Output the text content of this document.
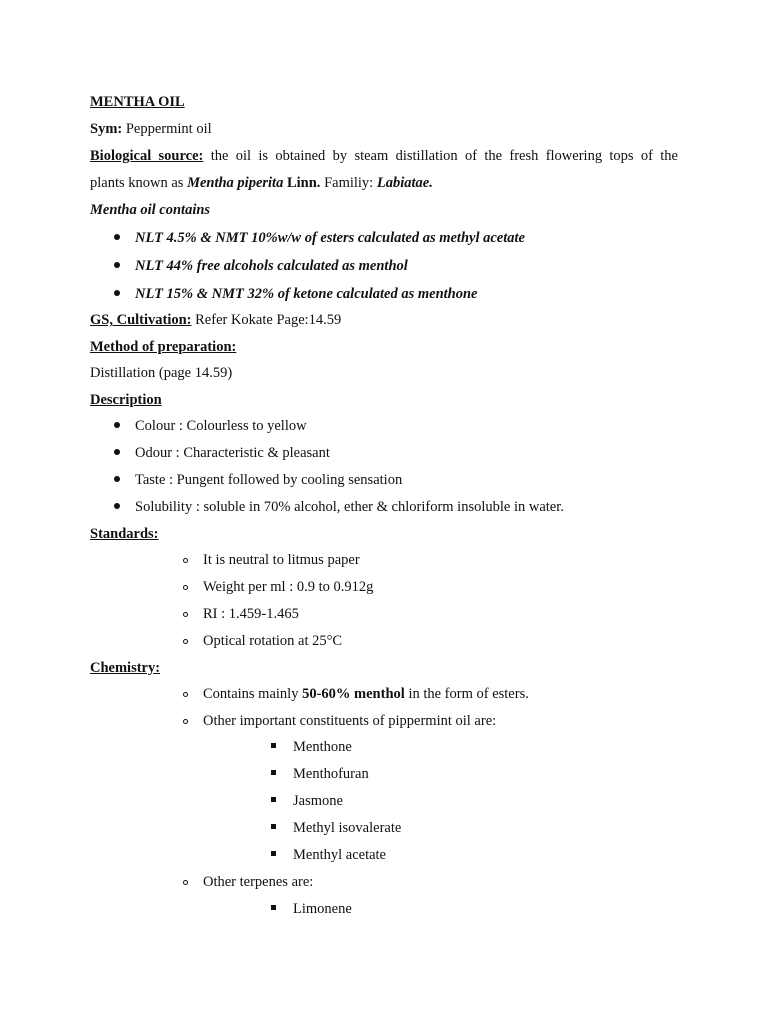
MENTHA OIL
Sym: Peppermint oil
Biological source: the oil is obtained by steam distillation of the fresh flowering tops of the
plants known as Mentha piperita Linn. Familiy: Labiatae.
Mentha oil contains
NLT 4.5% & NMT 10%w/w of esters calculated as methyl acetate
NLT 44% free alcohols calculated as menthol
NLT 15% & NMT 32% of ketone calculated as menthone
GS, Cultivation: Refer Kokate Page:14.59
Method of preparation:
Distillation (page 14.59)
Description
Colour : Colourless to yellow
Odour : Characteristic & pleasant
Taste : Pungent followed by cooling sensation
Solubility : soluble in 70% alcohol, ether & chloriform insoluble in water.
Standards:
It is neutral to litmus paper
Weight per ml : 0.9 to 0.912g
RI : 1.459-1.465
Optical rotation at 25°C
Chemistry:
Contains mainly 50-60% menthol in the form of esters.
Other important constituents of pippermint oil are:
Menthone
Menthofuran
Jasmone
Methyl isovalerate
Menthyl acetate
Other terpenes are:
Limonene
